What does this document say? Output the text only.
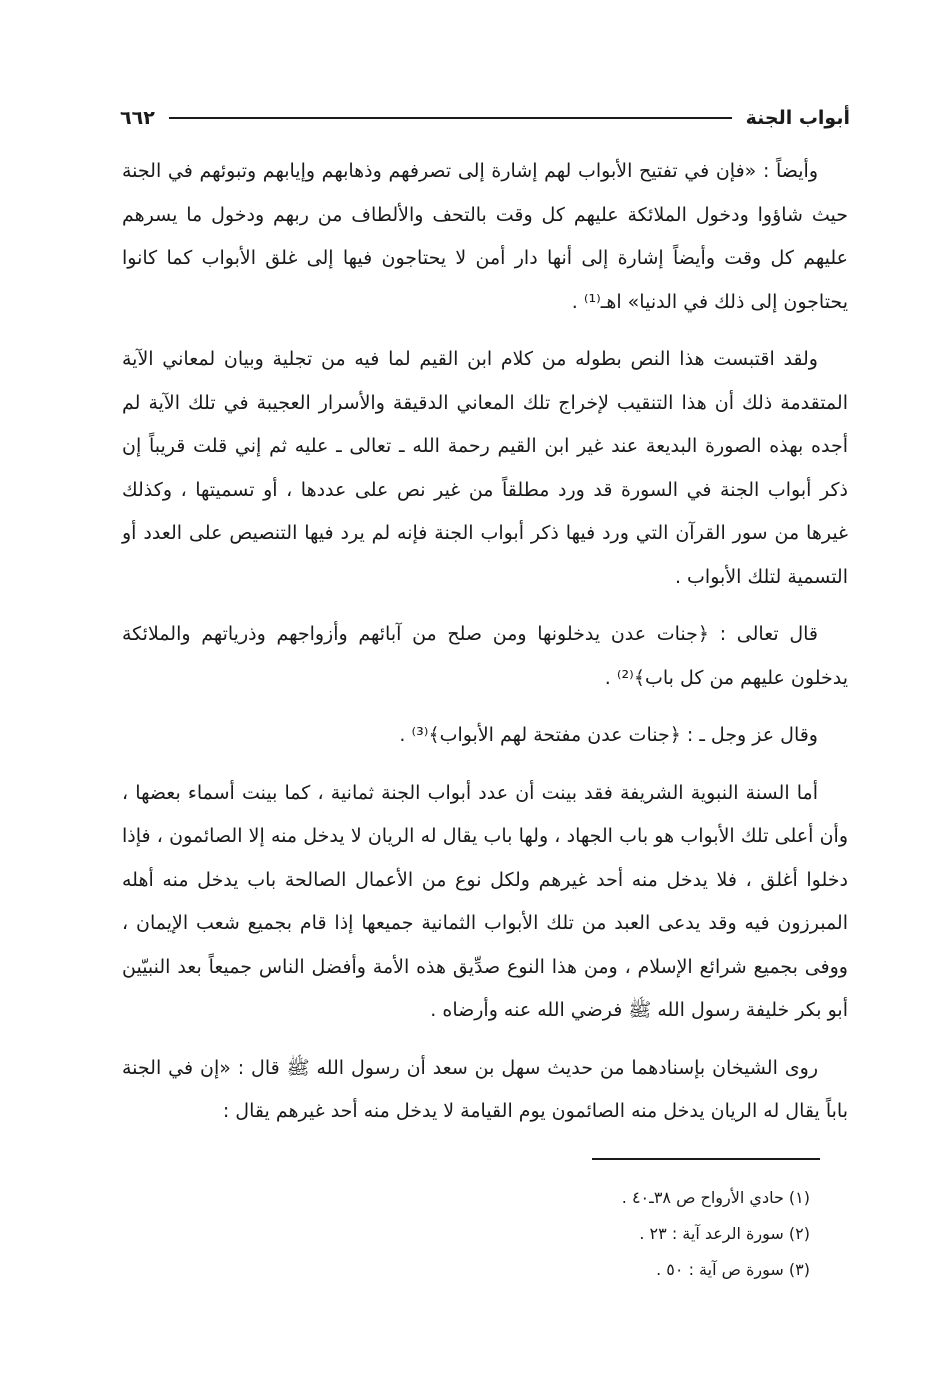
أبواب الجنة
٦٦٢

وأيضاً : «فإن في تفتيح الأبواب لهم إشارة إلى تصرفهم وذهابهم وإيابهم وتبوئهم في الجنة حيث شاؤوا ودخول الملائكة عليهم كل وقت بالتحف والألطاف من ربهم ودخول ما يسرهم عليهم كل وقت وأيضاً إشارة إلى أنها دار أمن لا يحتاجون فيها إلى غلق الأبواب كما كانوا يحتاجون إلى ذلك في الدنيا» اهـ⁽¹⁾ .

ولقد اقتبست هذا النص بطوله من كلام ابن القيم لما فيه من تجلية وبيان لمعاني الآية المتقدمة ذلك أن هذا التنقيب لإخراج تلك المعاني الدقيقة والأسرار العجيبة في تلك الآية لم أجده بهذه الصورة البديعة عند غير ابن القيم رحمة الله ـ تعالى ـ عليه ثم إني قلت قريباً إن ذكر أبواب الجنة في السورة قد ورد مطلقاً من غير نص على عددها ، أو تسميتها ، وكذلك غيرها من سور القرآن التي ورد فيها ذكر أبواب الجنة فإنه لم يرد فيها التنصيص على العدد أو التسمية لتلك الأبواب .

قال تعالى : ﴿جنات عدن يدخلونها ومن صلح من آبائهم وأزواجهم وذرياتهم والملائكة يدخلون عليهم من كل باب﴾⁽²⁾ .

وقال عز وجل ـ : ﴿جنات عدن مفتحة لهم الأبواب﴾⁽³⁾ .

أما السنة النبوية الشريفة فقد بينت أن عدد أبواب الجنة ثمانية ، كما بينت أسماء بعضها ، وأن أعلى تلك الأبواب هو باب الجهاد ، ولها باب يقال له الريان لا يدخل منه إلا الصائمون ، فإذا دخلوا أغلق ، فلا يدخل منه أحد غيرهم ولكل نوع من الأعمال الصالحة باب يدخل منه أهله المبرزون فيه وقد يدعى العبد من تلك الأبواب الثمانية جميعها إذا قام بجميع شعب الإيمان ، ووفى بجميع شرائع الإسلام ، ومن هذا النوع صدِّيق هذه الأمة وأفضل الناس جميعاً بعد النبيّين أبو بكر خليفة رسول الله ﷺ فرضي الله عنه وأرضاه .

روى الشيخان بإسنادهما من حديث سهل بن سعد أن رسول الله ﷺ قال : «إن في الجنة باباً يقال له الريان يدخل منه الصائمون يوم القيامة لا يدخل منه أحد غيرهم يقال :

(١) حادي الأرواح ص ٣٨ـ٤٠ .
(٢) سورة الرعد آية : ٢٣ .
(٣) سورة ص آية : ٥٠ .
